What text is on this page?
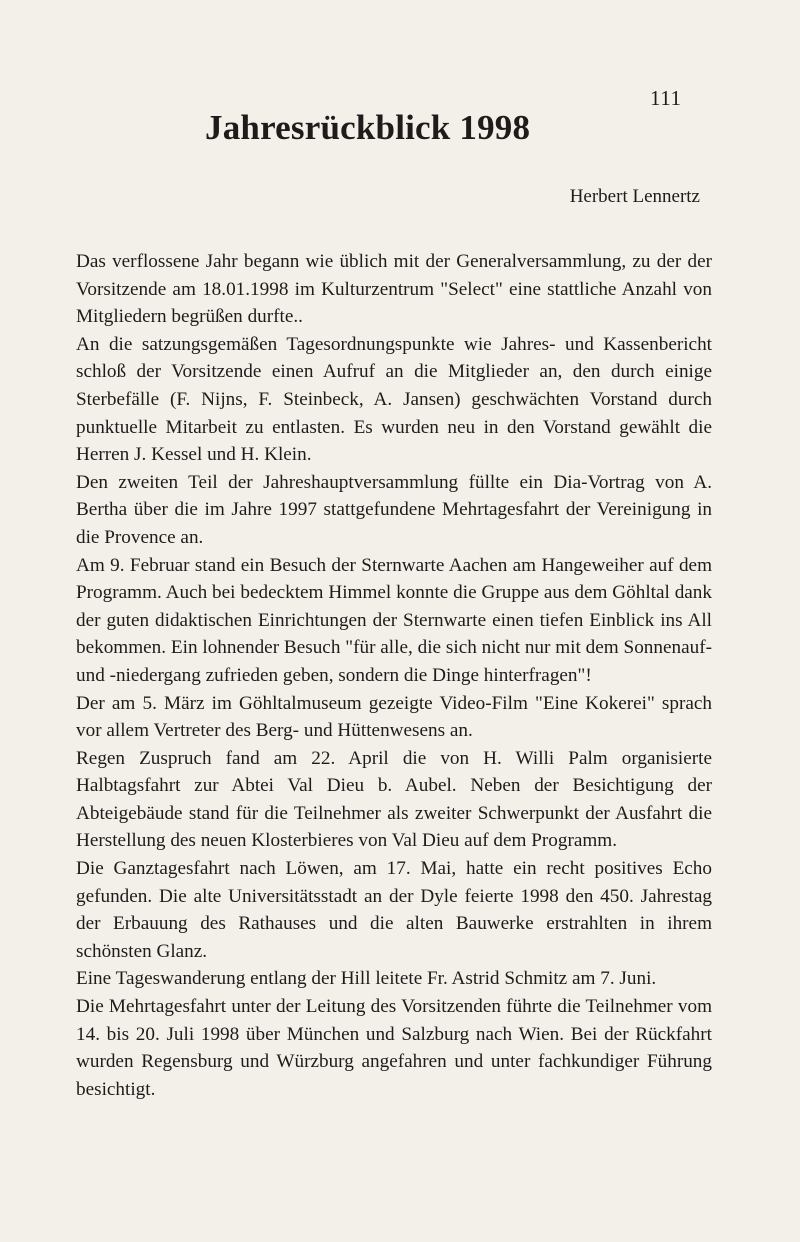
111
Jahresrückblick 1998
Herbert Lennertz

Das verflossene Jahr begann wie üblich mit der Generalversammlung, zu der der Vorsitzende am 18.01.1998 im Kulturzentrum "Select" eine stattliche Anzahl von Mitgliedern begrüßen durfte..

An die satzungsgemäßen Tagesordnungspunkte wie Jahres- und Kassenbericht schloß der Vorsitzende einen Aufruf an die Mitglieder an, den durch einige Sterbefälle (F. Nijns, F. Steinbeck, A. Jansen) geschwächten Vorstand durch punktuelle Mitarbeit zu entlasten. Es wurden neu in den Vorstand gewählt die Herren J. Kessel und H. Klein.

Den zweiten Teil der Jahreshauptversammlung füllte ein Dia-Vortrag von A. Bertha über die im Jahre 1997 stattgefundene Mehrtagesfahrt der Vereinigung in die Provence an.

Am 9. Februar stand ein Besuch der Sternwarte Aachen am Hangeweiher auf dem Programm. Auch bei bedecktem Himmel konnte die Gruppe aus dem Göhltal dank der guten didaktischen Einrichtungen der Sternwarte einen tiefen Einblick ins All bekommen. Ein lohnender Besuch "für alle, die sich nicht nur mit dem Sonnenauf- und -niedergang zufrieden geben, sondern die Dinge hinterfragen"!

Der am 5. März im Göhltalmuseum gezeigte Video-Film "Eine Kokerei" sprach vor allem Vertreter des Berg- und Hüttenwesens an.

Regen Zuspruch fand am 22. April die von H. Willi Palm organisierte Halbtagsfahrt zur Abtei Val Dieu b. Aubel. Neben der Besichtigung der Abteigebäude stand für die Teilnehmer als zweiter Schwerpunkt der Ausfahrt die Herstellung des neuen Klosterbieres von Val Dieu auf dem Programm.

Die Ganztagesfahrt nach Löwen, am 17. Mai, hatte ein recht positives Echo gefunden. Die alte Universitätsstadt an der Dyle feierte 1998 den 450. Jahrestag der Erbauung des Rathauses und die alten Bauwerke erstrahlten in ihrem schönsten Glanz.

Eine Tageswanderung entlang der Hill leitete Fr. Astrid Schmitz am 7. Juni.

Die Mehrtagesfahrt unter der Leitung des Vorsitzenden führte die Teilnehmer vom 14. bis 20. Juli 1998 über München und Salzburg nach Wien. Bei der Rückfahrt wurden Regensburg und Würzburg angefahren und unter fachkundiger Führung besichtigt.
